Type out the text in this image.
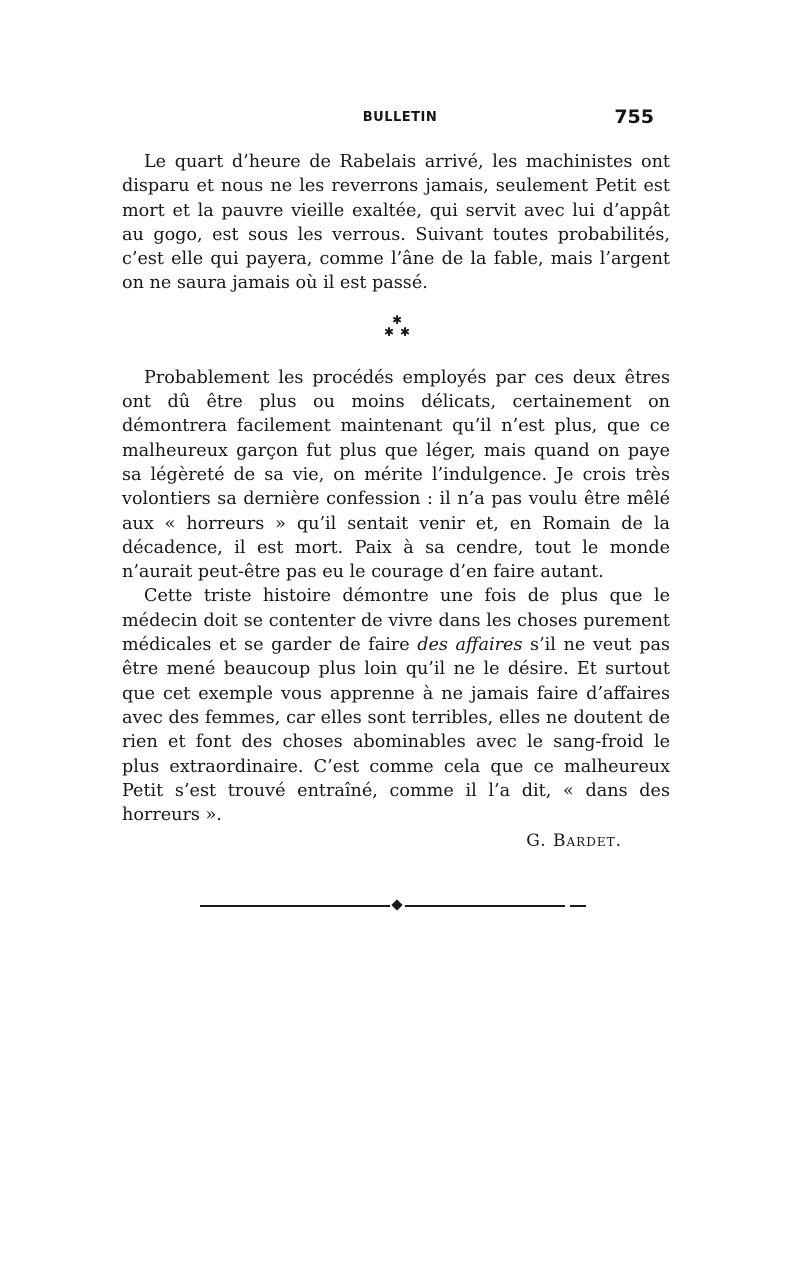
BULLETIN	755

Le quart d’heure de Rabelais arrivé, les machinistes ont disparu et nous ne les reverrons jamais, seulement Petit est mort et la pauvre vieille exaltée, qui servit avec lui d’appât au gogo, est sous les verrous. Suivant toutes probabilités, c’est elle qui payera, comme l’âne de la fable, mais l’argent on ne saura jamais où il est passé.

✱
✱ ✱

Probablement les procédés employés par ces deux êtres ont dû être plus ou moins délicats, certainement on démontrera facilement maintenant qu’il n’est plus, que ce malheureux garçon fut plus que léger, mais quand on paye sa légèreté de sa vie, on mérite l’indulgence. Je crois très volontiers sa dernière confession : il n’a pas voulu être mêlé aux « horreurs » qu’il sentait venir et, en Romain de la décadence, il est mort. Paix à sa cendre, tout le monde n’aurait peut-être pas eu le courage d’en faire autant.

Cette triste histoire démontre une fois de plus que le médecin doit se contenter de vivre dans les choses purement médicales et se garder de faire des affaires s’il ne veut pas être mené beaucoup plus loin qu’il ne le désire. Et surtout que cet exemple vous apprenne à ne jamais faire d’affaires avec des femmes, car elles sont terribles, elles ne doutent de rien et font des choses abominables avec le sang-froid le plus extraordinaire. C’est comme cela que ce malheureux Petit s’est trouvé entraîné, comme il l’a dit, « dans des horreurs ».

G. Bardet.
